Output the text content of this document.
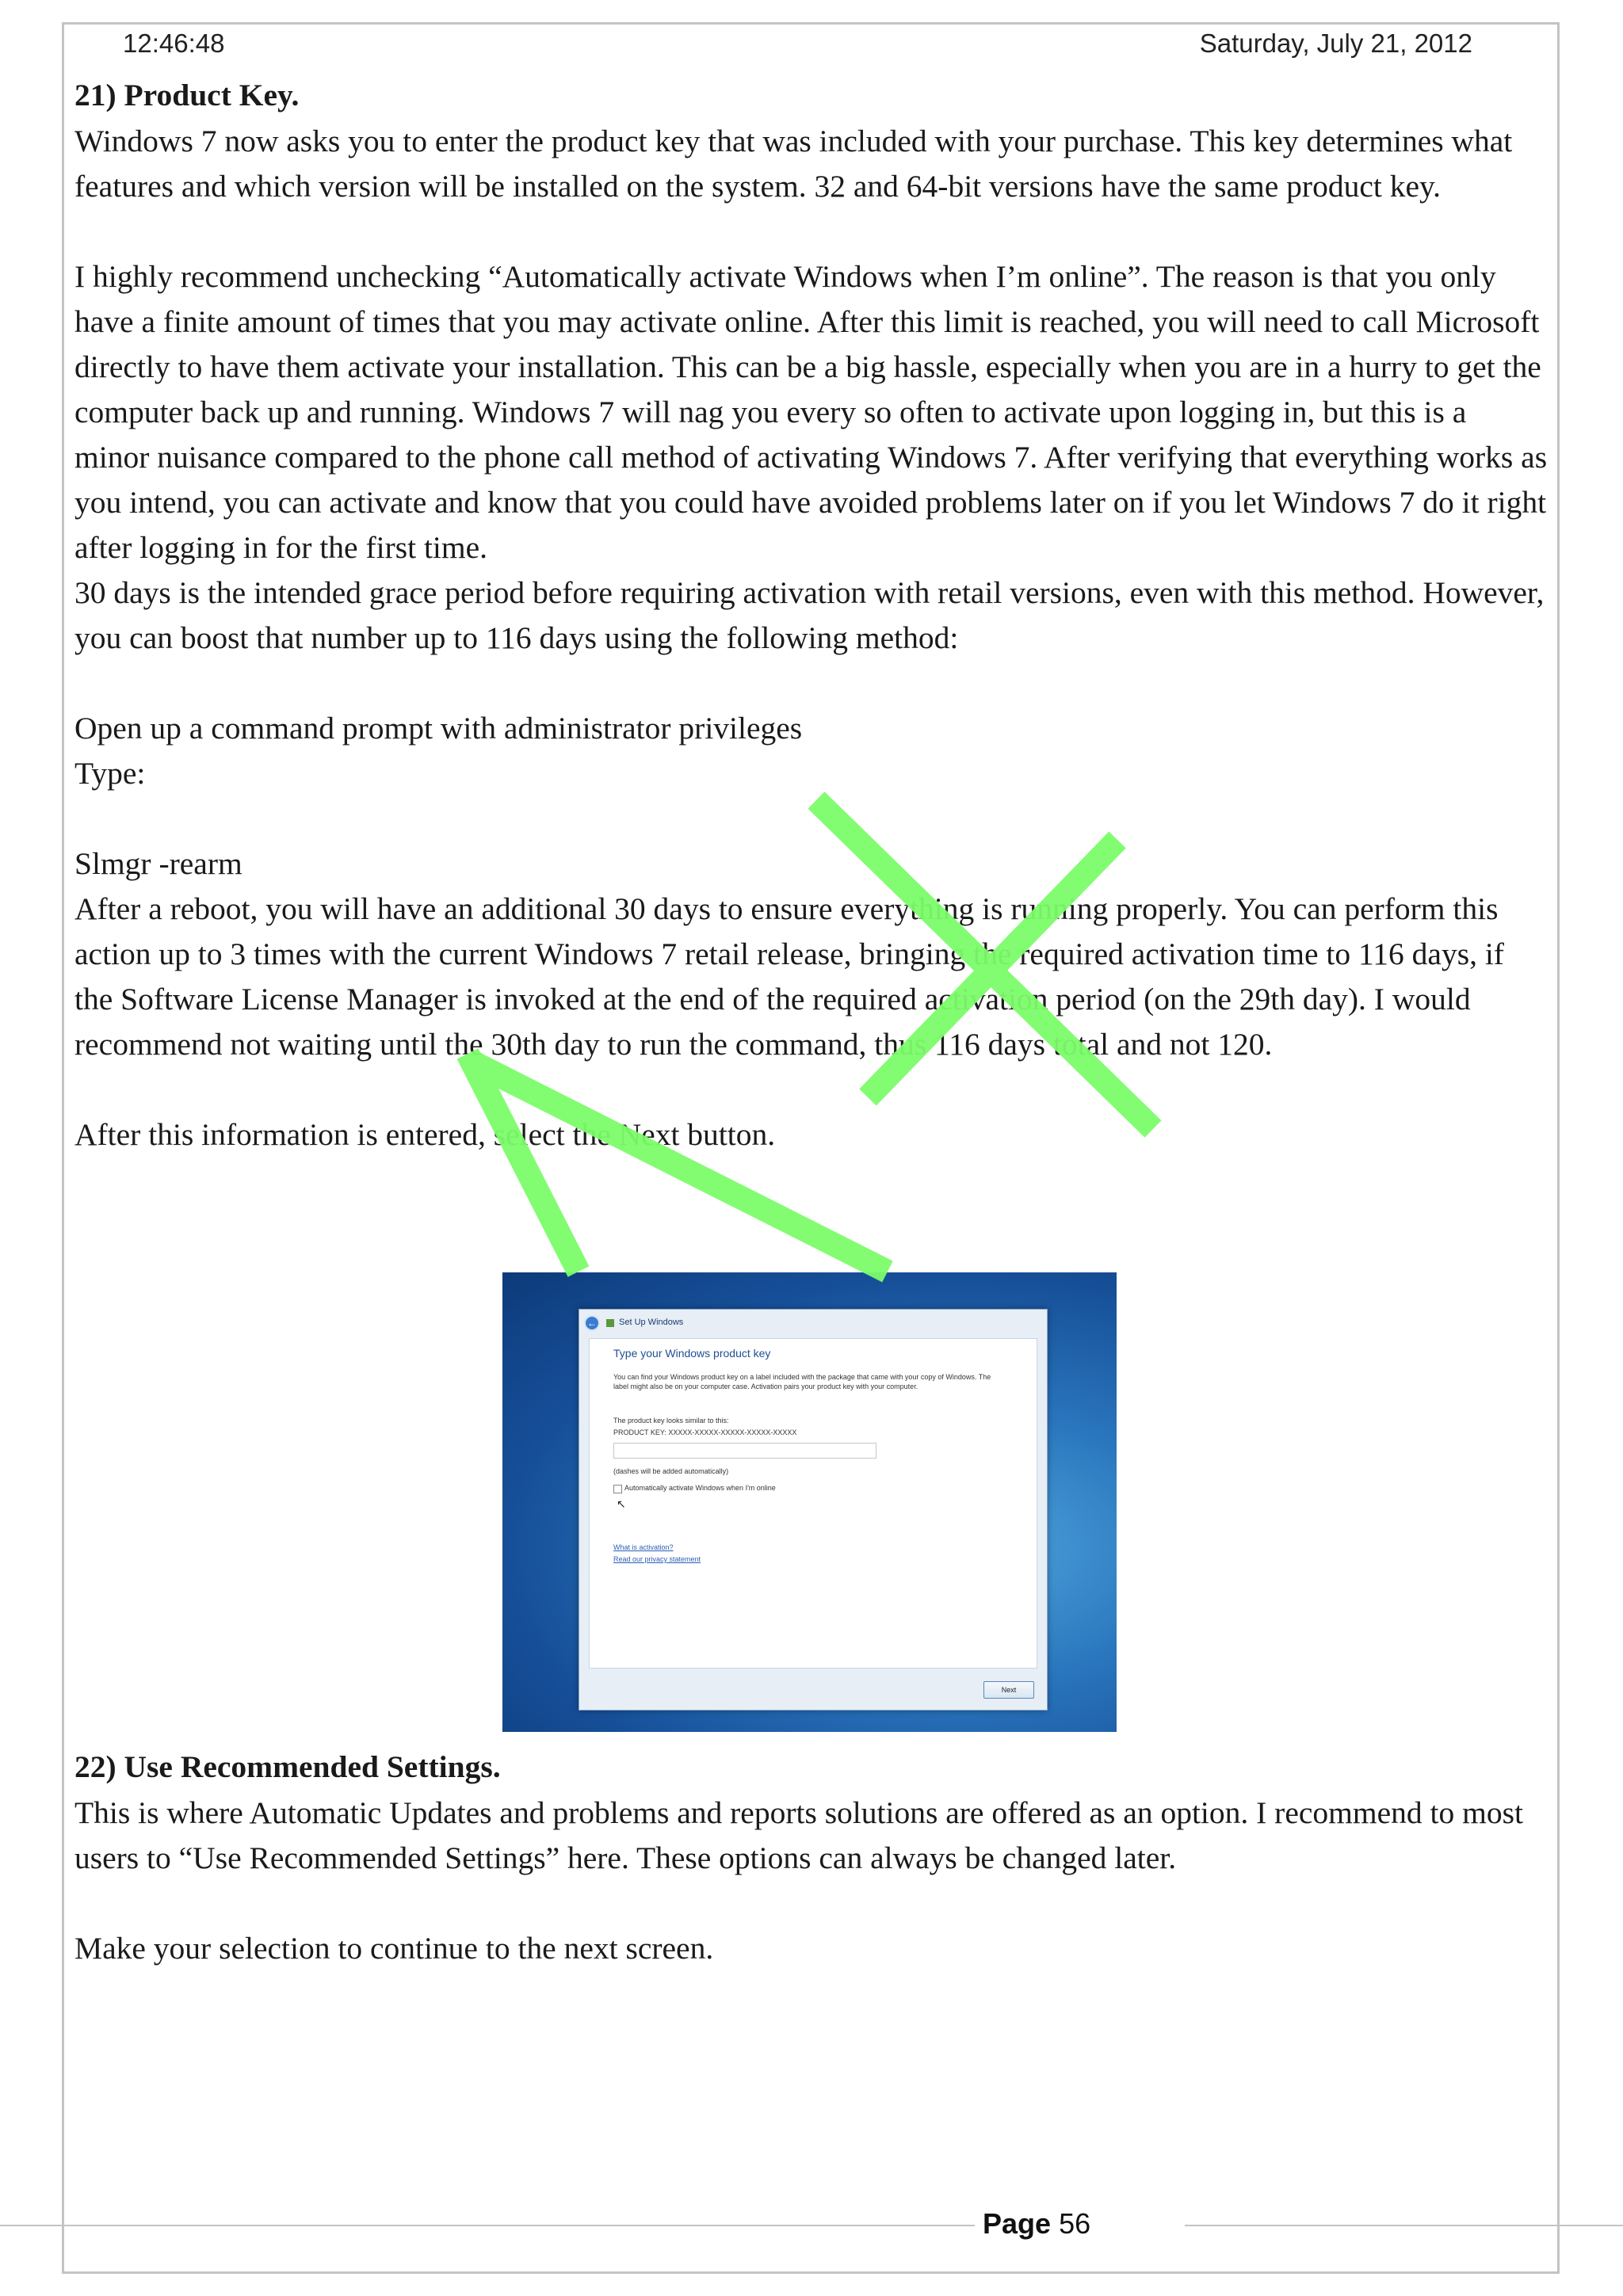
12:46:48	Saturday, July 21, 2012

21) Product Key.

Windows 7 now asks you to enter the product key that was included with your purchase. This key determines what features and which version will be installed on the system. 32 and 64-bit versions have the same product key.

I highly recommend unchecking “Automatically activate Windows when I’m online”. The reason is that you only have a finite amount of times that you may activate online. After this limit is reached, you will need to call Microsoft directly to have them activate your installation. This can be a big hassle, especially when you are in a hurry to get the computer back up and running. Windows 7 will nag you every so often to activate upon logging in, but this is a minor nuisance compared to the phone call method of activating Windows 7. After verifying that everything works as you intend, you can activate and know that you could have avoided problems later on if you let Windows 7 do it right after logging in for the first time.

30 days is the intended grace period before requiring activation with retail versions, even with this method. However, you can boost that number up to 116 days using the following method:

Open up a command prompt with administrator privileges

Type:

Slmgr -rearm

After a reboot, you will have an additional 30 days to ensure everything is running properly. You can perform this action up to 3 times with the current Windows 7 retail release, bringing the required activation time to 116 days, if the Software License Manager is invoked at the end of the required activation period (on the 29th day). I would recommend not waiting until the 30th day to run the command, thus 116 days total and not 120.

After this information is entered, select the Next button.

←	Set Up Windows
Type your Windows product key
You can find your Windows product key on a label included with the package that came with your copy of Windows. The label might also be on your computer case. Activation pairs your product key with your computer.
The product key looks similar to this:
PRODUCT KEY: XXXXX-XXXXX-XXXXX-XXXXX-XXXXX
(dashes will be added automatically)
Automatically activate Windows when I'm online
↖
What is activation?
Read our privacy statement
Next

22) Use Recommended Settings.

This is where Automatic Updates and problems and reports solutions are offered as an option. I recommend to most users to “Use Recommended Settings” here. These options can always be changed later.

Make your selection to continue to the next screen.

Page 56
